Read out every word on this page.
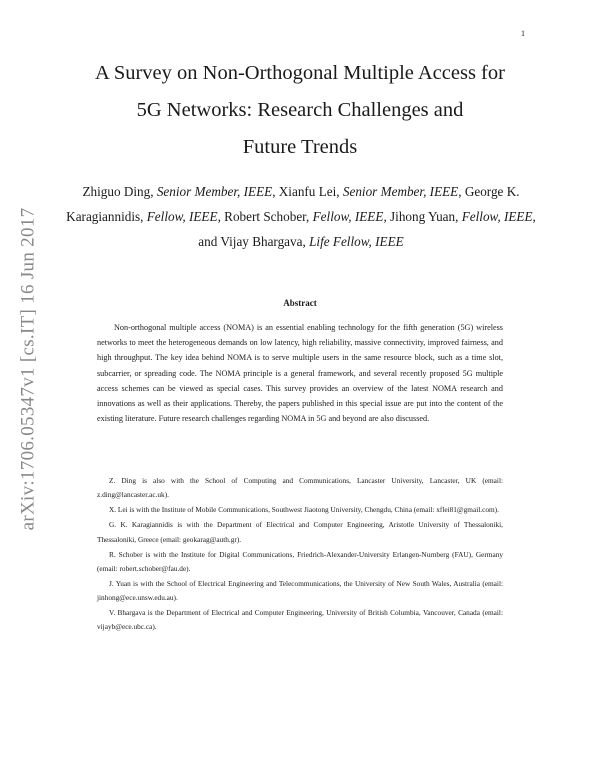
1
arXiv:1706.05347v1 [cs.IT] 16 Jun 2017
A Survey on Non-Orthogonal Multiple Access for
5G Networks: Research Challenges and
Future Trends
Zhiguo Ding, Senior Member, IEEE, Xianfu Lei, Senior Member, IEEE, George K. Karagiannidis, Fellow, IEEE, Robert Schober, Fellow, IEEE, Jihong Yuan, Fellow, IEEE, and Vijay Bhargava, Life Fellow, IEEE
Abstract

Non-orthogonal multiple access (NOMA) is an essential enabling technology for the fifth generation (5G) wireless networks to meet the heterogeneous demands on low latency, high reliability, massive connectivity, improved fairness, and high throughput. The key idea behind NOMA is to serve multiple users in the same resource block, such as a time slot, subcarrier, or spreading code. The NOMA principle is a general framework, and several recently proposed 5G multiple access schemes can be viewed as special cases. This survey provides an overview of the latest NOMA research and innovations as well as their applications. Thereby, the papers published in this special issue are put into the content of the existing literature. Future research challenges regarding NOMA in 5G and beyond are also discussed.

Z. Ding is also with the School of Computing and Communications, Lancaster University, Lancaster, UK (email: z.ding@lancaster.ac.uk).

X. Lei is with the Institute of Mobile Communications, Southwest Jiaotong University, Chengdu, China (email: xflei81@gmail.com).

G. K. Karagiannidis is with the Department of Electrical and Computer Engineering, Aristotle University of Thessaloniki, Thessaloniki, Greece (email: geokarag@auth.gr).

R. Schober is with the Institute for Digital Communications, Friedrich-Alexander-University Erlangen-Nurnberg (FAU), Germany (email: robert.schober@fau.de).

J. Yuan is with the School of Electrical Engineering and Telecommunications, the University of New South Wales, Australia (email: jinhong@ece.unsw.edu.au).

V. Bhargava is the Department of Electrical and Computer Engineering, University of British Columbia, Vancouver, Canada (email: vijayb@ece.ubc.ca).
